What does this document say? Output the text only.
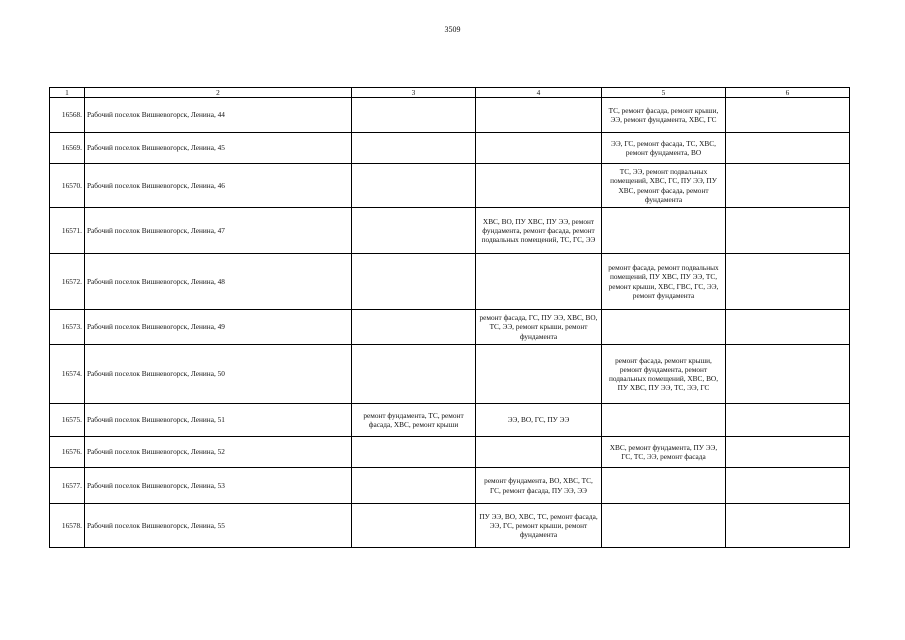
3509
1	2	3	4	5	6
16568.	Рабочий поселок Вишневогорск, Ленина, 44			ТС, ремонт фасада, ремонт крыши, ЭЭ, ремонт фундамента, ХВС, ГС	
16569.	Рабочий поселок Вишневогорск, Ленина, 45			ЭЭ, ГС, ремонт фасада, ТС, ХВС, ремонт фундамента, ВО	
16570.	Рабочий поселок Вишневогорск, Ленина, 46			ТС, ЭЭ, ремонт подвальных помещений, ХВС, ГС, ПУ ЭЭ, ПУ ХВС, ремонт фасада, ремонт фундамента	
16571.	Рабочий поселок Вишневогорск, Ленина, 47		ХВС, ВО, ПУ ХВС, ПУ ЭЭ, ремонт фундамента, ремонт фасада, ремонт подвальных помещений, ТС, ГС, ЭЭ		
16572.	Рабочий поселок Вишневогорск, Ленина, 48			ремонт фасада, ремонт подвальных помещений, ПУ ХВС, ПУ ЭЭ, ТС, ремонт крыши, ХВС, ГВС, ГС, ЭЭ, ремонт фундамента	
16573.	Рабочий поселок Вишневогорск, Ленина, 49		ремонт фасада, ГС, ПУ ЭЭ, ХВС, ВО, ТС, ЭЭ, ремонт крыши, ремонт фундамента		
16574.	Рабочий поселок Вишневогорск, Ленина, 50			ремонт фасада, ремонт крыши, ремонт фундамента, ремонт подвальных помещений, ХВС, ВО, ПУ ХВС, ПУ ЭЭ, ТС, ЭЭ, ГС	
16575.	Рабочий поселок Вишневогорск, Ленина, 51	ремонт фундамента, ТС, ремонт фасада, ХВС, ремонт крыши	ЭЭ, ВО, ГС, ПУ ЭЭ		
16576.	Рабочий поселок Вишневогорск, Ленина, 52			ХВС, ремонт фундамента, ПУ ЭЭ, ГС, ТС, ЭЭ, ремонт фасада	
16577.	Рабочий поселок Вишневогорск, Ленина, 53		ремонт фундамента, ВО, ХВС, ТС, ГС, ремонт фасада, ПУ ЭЭ, ЭЭ		
16578.	Рабочий поселок Вишневогорск, Ленина, 55		ПУ ЭЭ, ВО, ХВС, ТС, ремонт фасада, ЭЭ, ГС, ремонт крыши, ремонт фундамента		
